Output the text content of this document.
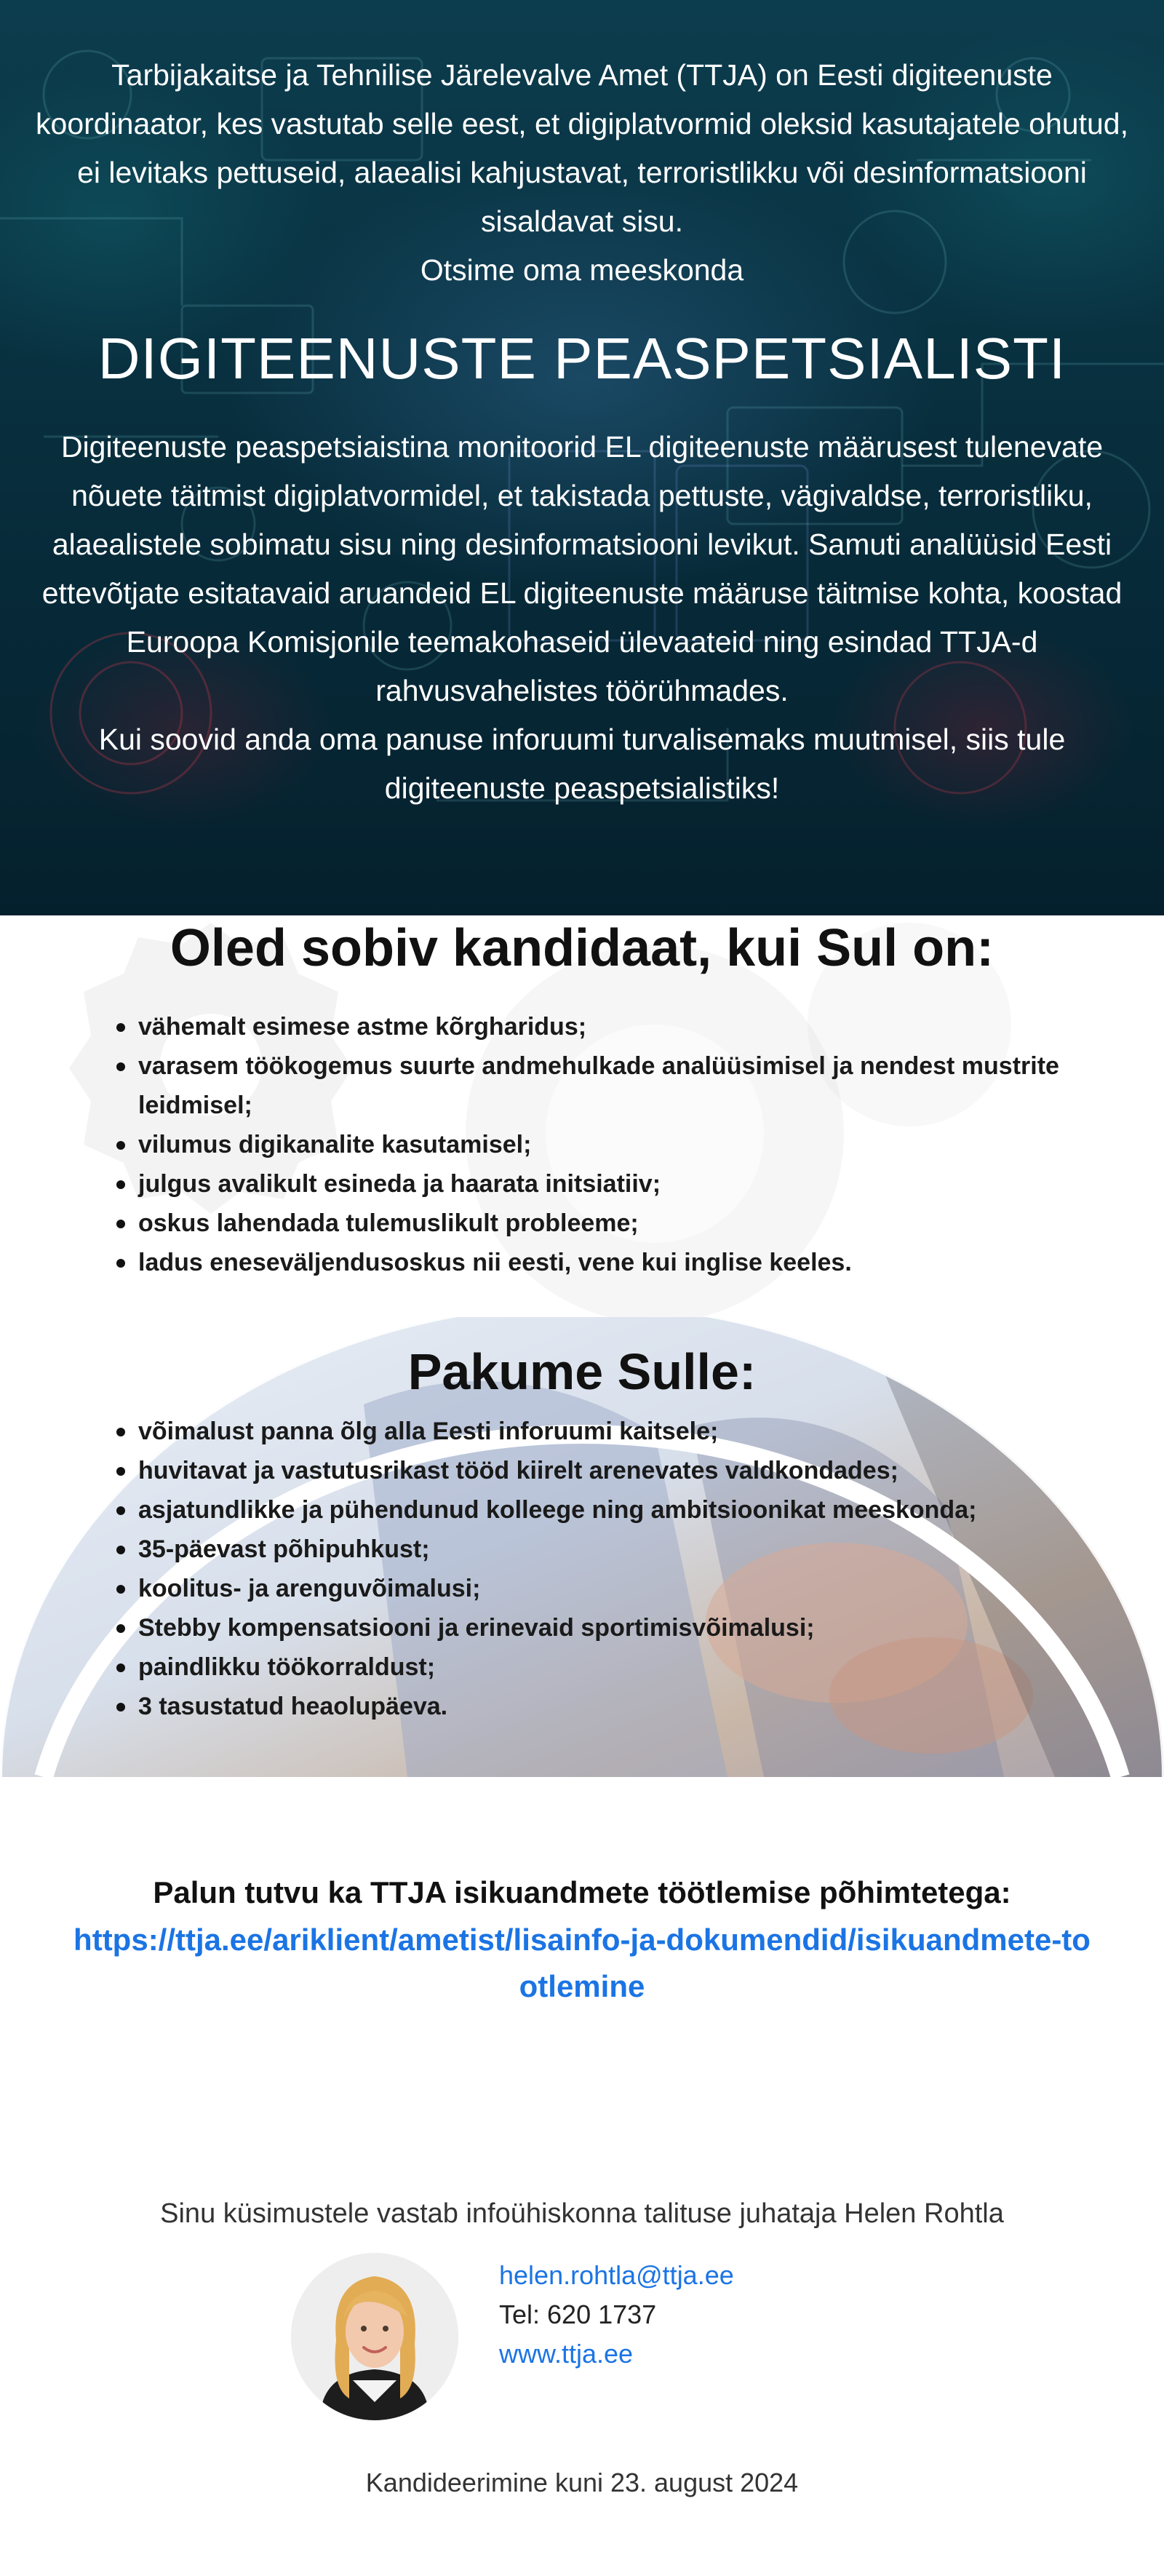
Tarbijakaitse ja Tehnilise Järelevalve Amet (TTJA) on Eesti digiteenuste koordinaator, kes vastutab selle eest, et digiplatvormid oleksid kasutajatele ohutud, ei levitaks pettuseid, alaealisi kahjustavat, terroristlikku või desinformatsiooni sisaldavat sisu.

Otsime oma meeskonda

DIGITEENUSTE PEASPETSIALISTI

Digiteenuste peaspetsiaistina monitoorid EL digiteenuste määrusest tulenevate nõuete täitmist digiplatvormidel, et takistada pettuste, vägivaldse, terroristliku, alaealistele sobimatu sisu ning desinformatsiooni levikut. Samuti analüüsid Eesti ettevõtjate esitatavaid aruandeid EL digiteenuste määruse täitmise kohta, koostad Euroopa Komisjonile teemakohaseid ülevaateid ning esindad TTJA-d rahvusvahelistes töörühmades.

Kui soovid anda oma panuse inforuumi turvalisemaks muutmisel, siis tule digiteenuste peaspetsialistiks!

Oled sobiv kandidaat, kui Sul on:
vähemalt esimese astme kõrgharidus;
varasem töökogemus suurte andmehulkade analüüsimisel ja nendest mustrite leidmisel;
vilumus digikanalite kasutamisel;
julgus avalikult esineda ja haarata initsiatiiv;
oskus lahendada tulemuslikult probleeme;
ladus eneseväljendusoskus nii eesti, vene kui inglise keeles.
Pakume Sulle:
võimalust panna õlg alla Eesti inforuumi kaitsele;
huvitavat ja vastutusrikast tööd kiirelt arenevates valdkondades;
asjatundlikke ja pühendunud kolleege ning ambitsioonikat meeskonda;
35-päevast põhipuhkust;
koolitus- ja arenguvõimalusi;
Stebby kompensatsiooni ja erinevaid sportimisvõimalusi;
paindlikku töökorraldust;
3 tasustatud heaolupäeva.

Palun tutvu ka TTJA isikuandmete töötlemise põhimtetega:

https://ttja.ee/ariklient/ametist/lisainfo-ja-dokumendid/isikuandmete-tootlemine

Sinu küsimustele vastab infoühiskonna talituse juhataja Helen Rohtla

helen.rohtla@ttja.ee
Tel: 620 1737
www.ttja.ee

Kandideerimine kuni 23. august 2024
